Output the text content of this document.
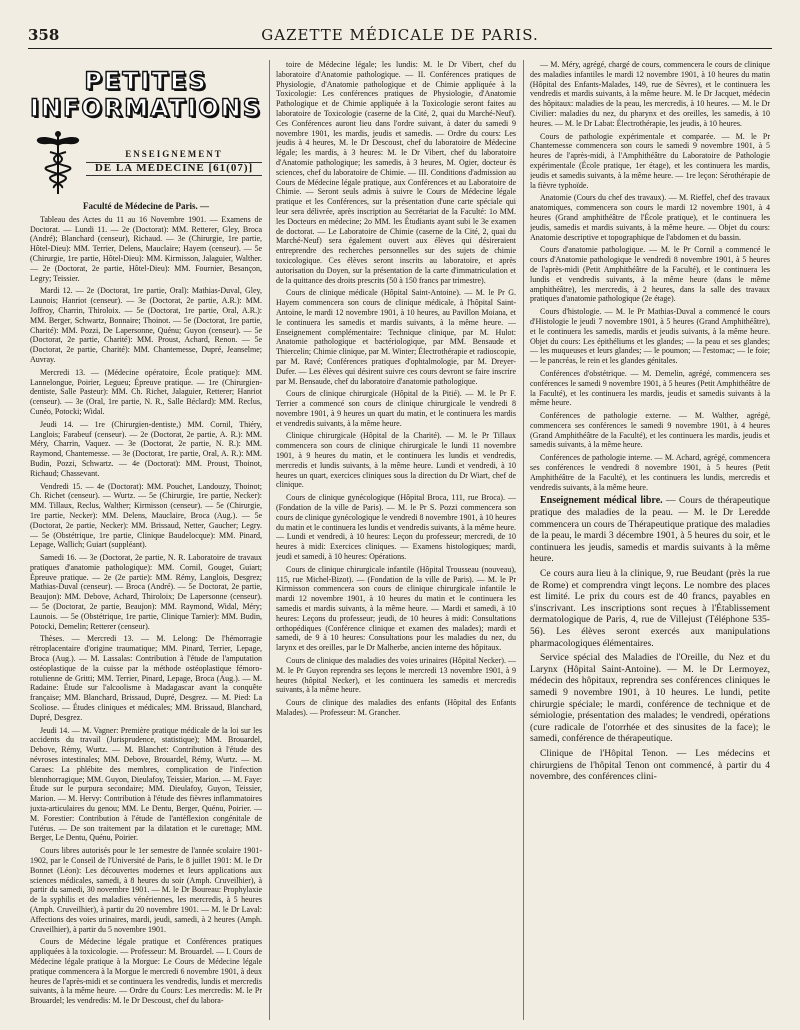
358	GAZETTE MÉDICALE DE PARIS.
PETITES
INFORMATIONS
ENSEIGNEMENT
DE LA MÉDECINE [61(07)]

Faculté de Médecine de Paris. —

Tableau des Actes du 11 au 16 Novembre 1901. — Examens de Doctorat. — Lundi 11. — 2e (Doctorat): MM. Retterer, Gley, Broca (André); Blanchard (censeur), Richaud. — 3e (Chirurgie, 1re partie, Hôtel-Dieu): MM. Terrier, Delens, Mauclaire; Hayem (censeur). — 5e (Chirurgie, 1re partie, Hôtel-Dieu): MM. Kirmisson, Jalaguier, Walther. — 2e (Doctorat, 2e partie, Hôtel-Dieu): MM. Fournier, Besançon, Legry; Teissier.

Mardi 12. — 2e (Doctorat, 1re partie, Oral): Mathias-Duval, Gley, Launois; Hanriot (censeur). — 3e (Doctorat, 2e partie, A.R.): MM. Joffroy, Charrin, Thiroloix. — 5e (Doctorat, 1re partie, Oral, A.R.): MM. Berger, Schwartz, Bonnaire; Thoinot. — 5e (Doctorat, 1re partie, Charité): MM. Pozzi, De Lapersonne, Quénu; Guyon (censeur). — 5e (Doctorat, 2e partie, Charité): MM. Proust, Achard, Renon. — 5e (Doctorat, 2e partie, Charité): MM. Chantemesse, Dupré, Jeanselme; Auvray.

Mercredi 13. — (Médecine opératoire, École pratique): MM. Lannelongue, Poirier, Legueu; Épreuve pratique. — 1re (Chirurgien-dentiste, Salle Pasteur): MM. Ch. Richet, Jalaguier, Retterer; Hanriot (censeur). — 3e (Oral, 1re partie, N. R., Salle Béclard): MM. Reclus, Cunéo, Potocki; Widal.

Jeudi 14. — 1re (Chirurgien-dentiste,) MM. Cornil, Thiéry, Langlois; Farabeuf (censeur). — 2e (Doctorat, 2e partie, A. R.): MM. Méry, Charrin, Vaquez. — 3e (Doctorat, 2e partie, N. R.): MM. Raymond, Chantemesse. — 3e (Doctorat, 1re partie, Oral, A. R.): MM. Budin, Pozzi, Schwartz. — 4e (Doctorat): MM. Proust, Thoinot, Richaud; Chassevant.

Vendredi 15. — 4e (Doctorat): MM. Pouchet, Landouzy, Thoinot; Ch. Richet (censeur). — Wurtz. — 5e (Chirurgie, 1re partie, Necker): MM. Tillaux, Reclus, Walther; Kirmisson (censeur). — 5e (Chirurgie, 1re partie, Necker): MM. Delens, Mauclaire, Broca (Aug.). — 5e (Doctorat, 2e partie, Necker): MM. Brissaud, Netter, Gaucher; Legry. — 5e (Obstétrique, 1re partie, Clinique Baudelocque): MM. Pinard, Lepage, Wallich; Guiart (suppléant).

Samedi 16. — 3e (Doctorat, 2e partie, N. R. Laboratoire de travaux pratiques d'anatomie pathologique): MM. Cornil, Gouget, Guiart; Épreuve pratique. — 2e (2e partie): MM. Rémy, Langlois, Desgrez; Mathias-Duval (censeur). — Broca (André). — 5e Doctorat, 2e partie, Beaujon): MM. Debove, Achard, Thiroloix; De Lapersonne (censeur). — 5e (Doctorat, 2e partie, Beaujon): MM. Raymond, Widal, Méry; Launois. — 5e (Obstétrique, 1re partie, Clinique Tarnier): MM. Budin, Potocki, Demelin; Retterer (censeur).

Thèses. — Mercredi 13. — M. Lelong: De l'hémorragie rétroplacentaire d'origine traumatique; MM. Pinard, Terrier, Lepage, Broca (Aug.). — M. Lassalas: Contribution à l'étude de l'amputation ostéoplastique de la cuisse par la méthode ostéoplastique fémoro-rotulienne de Gritti; MM. Terrier, Pinard, Lepage, Broca (Aug.). — M. Radaine: Étude sur l'alcoolisme à Madagascar avant la conquête française; MM. Blanchard, Brissaud, Dupré, Desgrez. — M. Pied: La Scoliose. — Études cliniques et médicales; MM. Brissaud, Blanchard, Dupré, Desgrez.

Jeudi 14. — M. Vagner: Première pratique médicale de la loi sur les accidents du travail (Jurisprudence, statistique); MM. Brouardel, Debove, Rémy, Wurtz. — M. Blanchet: Contribution à l'étude des névroses intestinales; MM. Debove, Brouardel, Rémy, Wurtz. — M. Caraes: La phlébite des membres, complication de l'infection blennhorragique; MM. Guyon, Dieulafoy, Teissier, Marion. — M. Faye: Étude sur le purpura secondaire; MM. Dieulafoy, Guyon, Teissier, Marion. — M. Hervy: Contribution à l'étude des fièvres inflammatoires juxta-articulaires du genou; MM. Le Dentu, Berger, Quénu, Poirier. — M. Forestier: Contribution à l'étude de l'antéflexion congénitale de l'utérus. — De son traitement par la dilatation et le curettage; MM. Berger, Le Dentu, Quénu, Poirier.

Cours libres autorisés pour le 1er semestre de l'année scolaire 1901-1902, par le Conseil de l'Université de Paris, le 8 juillet 1901: M. le Dr Bonnet (Léon): Les découvertes modernes et leurs applications aux sciences médicales, samedi, à 8 heures du soir (Amph. Cruveilhier), à partir du samedi, 30 novembre 1901. — M. le Dr Boureau: Prophylaxie de la syphilis et des maladies vénériennes, les mercredis, à 5 heures (Amph. Cruveilhier), à partir du 20 novembre 1901. — M. le Dr Laval: Affections des voies urinaires, mardi, jeudi, samedi, à 2 heures (Amph. Cruveilhier), à partir du 5 novembre 1901.

Cours de Médecine légale pratique et Conférences pratiques appliquées à la toxicologie. — Professeur: M. Brouardel. — I. Cours de Médecine légale pratique à la Morgue: Le Cours de Médecine légale pratique commencera à la Morgue le mercredi 6 novembre 1901, à deux heures de l'après-midi et se continuera les vendredis, lundis et mercredis suivants, à la même heure. — Ordre du Cours: Les mercredis: M. le Pr Brouardel; les vendredis: M. le Dr Descoust, chef du labora-

toire de Médecine légale; les lundis: M. le Dr Vibert, chef du laboratoire d'Anatomie pathologique. — II. Conférences pratiques de Physiologie, d'Anatomie pathologique et de Chimie appliquée à la Toxicologie: Les conférences pratiques de Physiologie, d'Anatomie Pathologique et de Chimie appliquée à la Toxicologie seront faites au laboratoire de Toxicologie (caserne de la Cité, 2, quai du Marché-Neuf). Ces Conférences auront lieu dans l'ordre suivant, à dater du samedi 9 novembre 1901, les mardis, jeudis et samedis. — Ordre du cours: Les jeudis à 4 heures, M. le Dr Descoust, chef du laboratoire de Médecine légale; les mardis, à 3 heures: M. le Dr Vibert, chef du laboratoire d'Anatomie pathologique; les samedis, à 3 heures, M. Ogier, docteur ès sciences, chef du laboratoire de Chimie. — III. Conditions d'admission au Cours de Médecine légale pratique, aux Conférences et au Laboratoire de Chimie. — Seront seuls admis à suivre le Cours de Médecine légale pratique et les Conférences, sur la présentation d'une carte spéciale qui leur sera délivrée, après inscription au Secrétariat de la Faculté: 1o MM. les Docteurs en médecine; 2o MM. les Étudiants ayant subi le 3e examen de doctorat. — Le Laboratoire de Chimie (caserne de la Cité, 2, quai du Marché-Neuf) sera également ouvert aux élèves qui désireraient entreprendre des recherches personnelles sur des sujets de chimie toxicologique. Ces élèves seront inscrits au laboratoire, et après autorisation du Doyen, sur la présentation de la carte d'immatriculation et de la quittance des droits prescrits (50 à 150 francs par trimestre).

Cours de clinique médicale (Hôpital Saint-Antoine). — M. le Pr G. Hayem commencera son cours de clinique médicale, à l'hôpital Saint-Antoine, le mardi 12 novembre 1901, à 10 heures, au Pavillon Moiana, et le continuera les samedis et mardis suivants, à la même heure. — Enseignement complémentaire: Technique clinique, par M. Hulot: Anatomie pathologique et bactériologique, par MM. Bensaude et Thiercelin; Chimie clinique, par M. Winter; Électrothérapie et radioscopie, par M. Ravé; Conférences pratiques d'ophtalmologie, par M. Dreyer-Dufer. — Les élèves qui désirent suivre ces cours devront se faire inscrire par M. Bensaude, chef du laboratoire d'anatomie pathologique.

Cours de clinique chirurgicale (Hôpital de la Pitié). — M. le Pr F. Terrier a commencé son cours de clinique chirurgicale le vendredi 8 novembre 1901, à 9 heures un quart du matin, et le continuera les mardis et vendredis suivants, à la même heure.

Clinique chirurgicale (Hôpital de la Charité). — M. le Pr Tillaux commencera son cours de clinique chirurgicale le lundi 11 novembre 1901, à 9 heures du matin, et le continuera les lundis et vendredis, mercredis et lundis suivants, à la même heure. Lundi et vendredi, à 10 heures un quart, exercices cliniques sous la direction du Dr Wiart, chef de clinique.

Cours de clinique gynécologique (Hôpital Broca, 111, rue Broca). — (Fondation de la ville de Paris). — M. le Pr S. Pozzi commencera son cours de clinique gynécologique le vendredi 8 novembre 1901, à 10 heures du matin et le continuera les lundis et vendredis suivants, à la même heure. — Lundi et vendredi, à 10 heures: Leçon du professeur; mercredi, de 10 heures à midi: Exercices cliniques. — Examens histologiques; mardi, jeudi et samedi, à 10 heures: Opérations.

Cours de clinique chirurgicale infantile (Hôpital Trousseau (nouveau), 115, rue Michel-Bizot). — (Fondation de la ville de Paris). — M. le Pr Kirmisson commencera son cours de clinique chirurgicale infantile le mardi 12 novembre 1901, à 10 heures du matin et le continuera les samedis et mardis suivants, à la même heure. — Mardi et samedi, à 10 heures: Leçons du professeur; jeudi, de 10 heures à midi: Consultations orthopédiques (Conférence clinique et examen des malades); mardi et samedi, de 9 à 10 heures: Consultations pour les maladies du nez, du larynx et des oreilles, par le Dr Malherbe, ancien interne des hôpitaux.

Cours de clinique des maladies des voies urinaires (Hôpital Necker). — M. le Pr Guyon reprendra ses leçons le mercredi 13 novembre 1901, à 9 heures (hôpital Necker), et les continuera les samedis et mercredis suivants, à la même heure.

Cours de clinique des maladies des enfants (Hôpital des Enfants Malades). — Professeur: M. Grancher.

— M. Méry, agrégé, chargé de cours, commencera le cours de clinique des maladies infantiles le mardi 12 novembre 1901, à 10 heures du matin (Hôpital des Enfants-Malades, 149, rue de Sèvres), et le continuera les vendredis et mardis suivants, à la même heure. M. le Dr Jacquet, médecin des hôpitaux: maladies de la peau, les mercredis, à 10 heures. — M. le Dr Civilier: maladies du nez, du pharynx et des oreilles, les samedis, à 10 heures. — M. le Dr Labat: Électrothérapie, les jeudis, à 10 heures.

Cours de pathologie expérimentale et comparée. — M. le Pr Chantemesse commencera son cours le samedi 9 novembre 1901, à 5 heures de l'après-midi, à l'Amphithéâtre du Laboratoire de Pathologie expérimentale (École pratique, 1er étage), et les continuera les mardis, jeudis et samedis suivants, à la même heure. — 1re leçon: Sérothérapie de la fièvre typhoïde.

Anatomie (Cours du chef des travaux). — M. Rieffel, chef des travaux anatomiques, commencera son cours le mardi 12 novembre 1901, à 4 heures (Grand amphithéâtre de l'École pratique), et le continuera les jeudis, samedis et mardis suivants, à la même heure. — Objet du cours: Anatomie descriptive et topographique de l'abdomen et du bassin.

Cours d'anatomie pathologique. — M. le Pr Cornil a commencé le cours d'Anatomie pathologique le vendredi 8 novembre 1901, à 5 heures de l'après-midi (Petit Amphithéâtre de la Faculté), et le continuera les lundis et vendredis suivants, à la même heure (dans le même amphithéâtre), les mercredis, à 2 heures, dans la salle des travaux pratiques d'anatomie pathologique (2e étage).

Cours d'histologie. — M. le Pr Mathias-Duval a commencé le cours d'Histologie le jeudi 7 novembre 1901, à 5 heures (Grand Amphithéâtre), et le continuera les samedis, mardis et jeudis suivants, à la même heure. Objet du cours: Les épithéliums et les glandes; — la peau et ses glandes; — les muqueuses et leurs glandes; — le poumon; — l'estomac; — le foie; — le pancréas, le rein et les glandes génitales.

Conférences d'obstétrique. — M. Demelin, agrégé, commencera ses conférences le samedi 9 novembre 1901, à 5 heures (Petit Amphithéâtre de la Faculté), et les continuera les mardis, jeudis et samedis suivants à la même heure.

Conférences de pathologie externe. — M. Walther, agrégé, commencera ses conférences le samedi 9 novembre 1901, à 4 heures (Grand Amphithéâtre de la Faculté), et les continuera les mardis, jeudis et samedis suivants, à la même heure.

Conférences de pathologie interne. — M. Achard, agrégé, commencera ses conférences le vendredi 8 novembre 1901, à 5 heures (Petit Amphithéâtre de la Faculté), et les continuera les lundis, mercredis et vendredis suivants, à la même heure.

Enseignement médical libre. — Cours de thérapeutique pratique des maladies de la peau. — M. le Dr Leredde commencera un cours de Thérapeutique pratique des maladies de la peau, le mardi 3 décembre 1901, à 5 heures du soir, et le continuera les jeudis, samedis et mardis suivants à la même heure.

Ce cours aura lieu à la clinique, 9, rue Beudant (près la rue de Rome) et comprendra vingt leçons. Le nombre des places est limité. Le prix du cours est de 40 francs, payables en s'inscrivant. Les inscriptions sont reçues à l'Établissement dermatologique de Paris, 4, rue de Villejust (Téléphone 535-56). Les élèves seront exercés aux manipulations pharmacologiques élémentaires.

Service spécial des Maladies de l'Oreille, du Nez et du Larynx (Hôpital Saint-Antoine). — M. le Dr Lermoyez, médecin des hôpitaux, reprendra ses conférences cliniques le samedi 9 novembre 1901, à 10 heures. Le lundi, petite chirurgie spéciale; le mardi, conférence de technique et de sémiologie, présentation des malades; le vendredi, opérations (cure radicale de l'otorrhée et des sinusites de la face); le samedi, conférence de thérapeutique.

Clinique de l'Hôpital Tenon. — Les médecins et chirurgiens de l'hôpital Tenon ont commencé, à partir du 4 novembre, des conférences clini-
